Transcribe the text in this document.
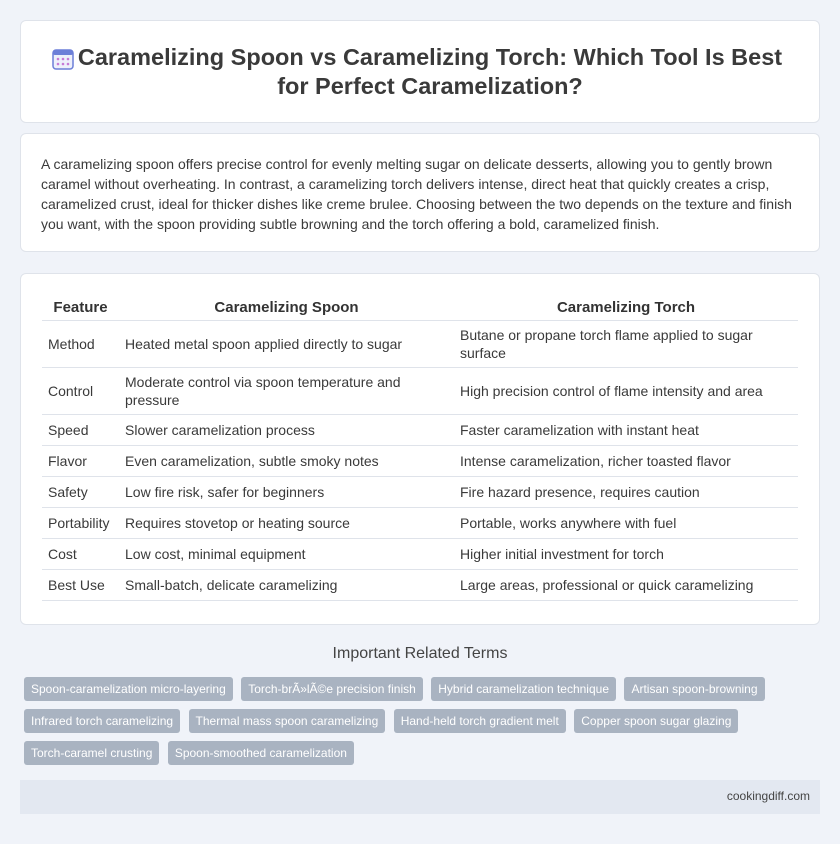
Caramelizing Spoon vs Caramelizing Torch: Which Tool Is Best for Perfect Caramelization?

A caramelizing spoon offers precise control for evenly melting sugar on delicate desserts, allowing you to gently brown caramel without overheating. In contrast, a caramelizing torch delivers intense, direct heat that quickly creates a crisp, caramelized crust, ideal for thicker dishes like creme brulee. Choosing between the two depends on the texture and finish you want, with the spoon providing subtle browning and the torch offering a bold, caramelized finish.

Feature	Caramelizing Spoon	Caramelizing Torch
Method	Heated metal spoon applied directly to sugar	Butane or propane torch flame applied to sugar surface
Control	Moderate control via spoon temperature and pressure	High precision control of flame intensity and area
Speed	Slower caramelization process	Faster caramelization with instant heat
Flavor	Even caramelization, subtle smoky notes	Intense caramelization, richer toasted flavor
Safety	Low fire risk, safer for beginners	Fire hazard presence, requires caution
Portability	Requires stovetop or heating source	Portable, works anywhere with fuel
Cost	Low cost, minimal equipment	Higher initial investment for torch
Best Use	Small-batch, delicate caramelizing	Large areas, professional or quick caramelizing
Important Related Terms
Spoon-caramelization micro-layering Torch-brÃ»lÃ©e precision finish Hybrid caramelization technique Artisan spoon-browning Infrared torch caramelizing Thermal mass spoon caramelizing Hand-held torch gradient melt Copper spoon sugar glazing Torch-caramel crusting Spoon-smoothed caramelization
cookingdiff.com
